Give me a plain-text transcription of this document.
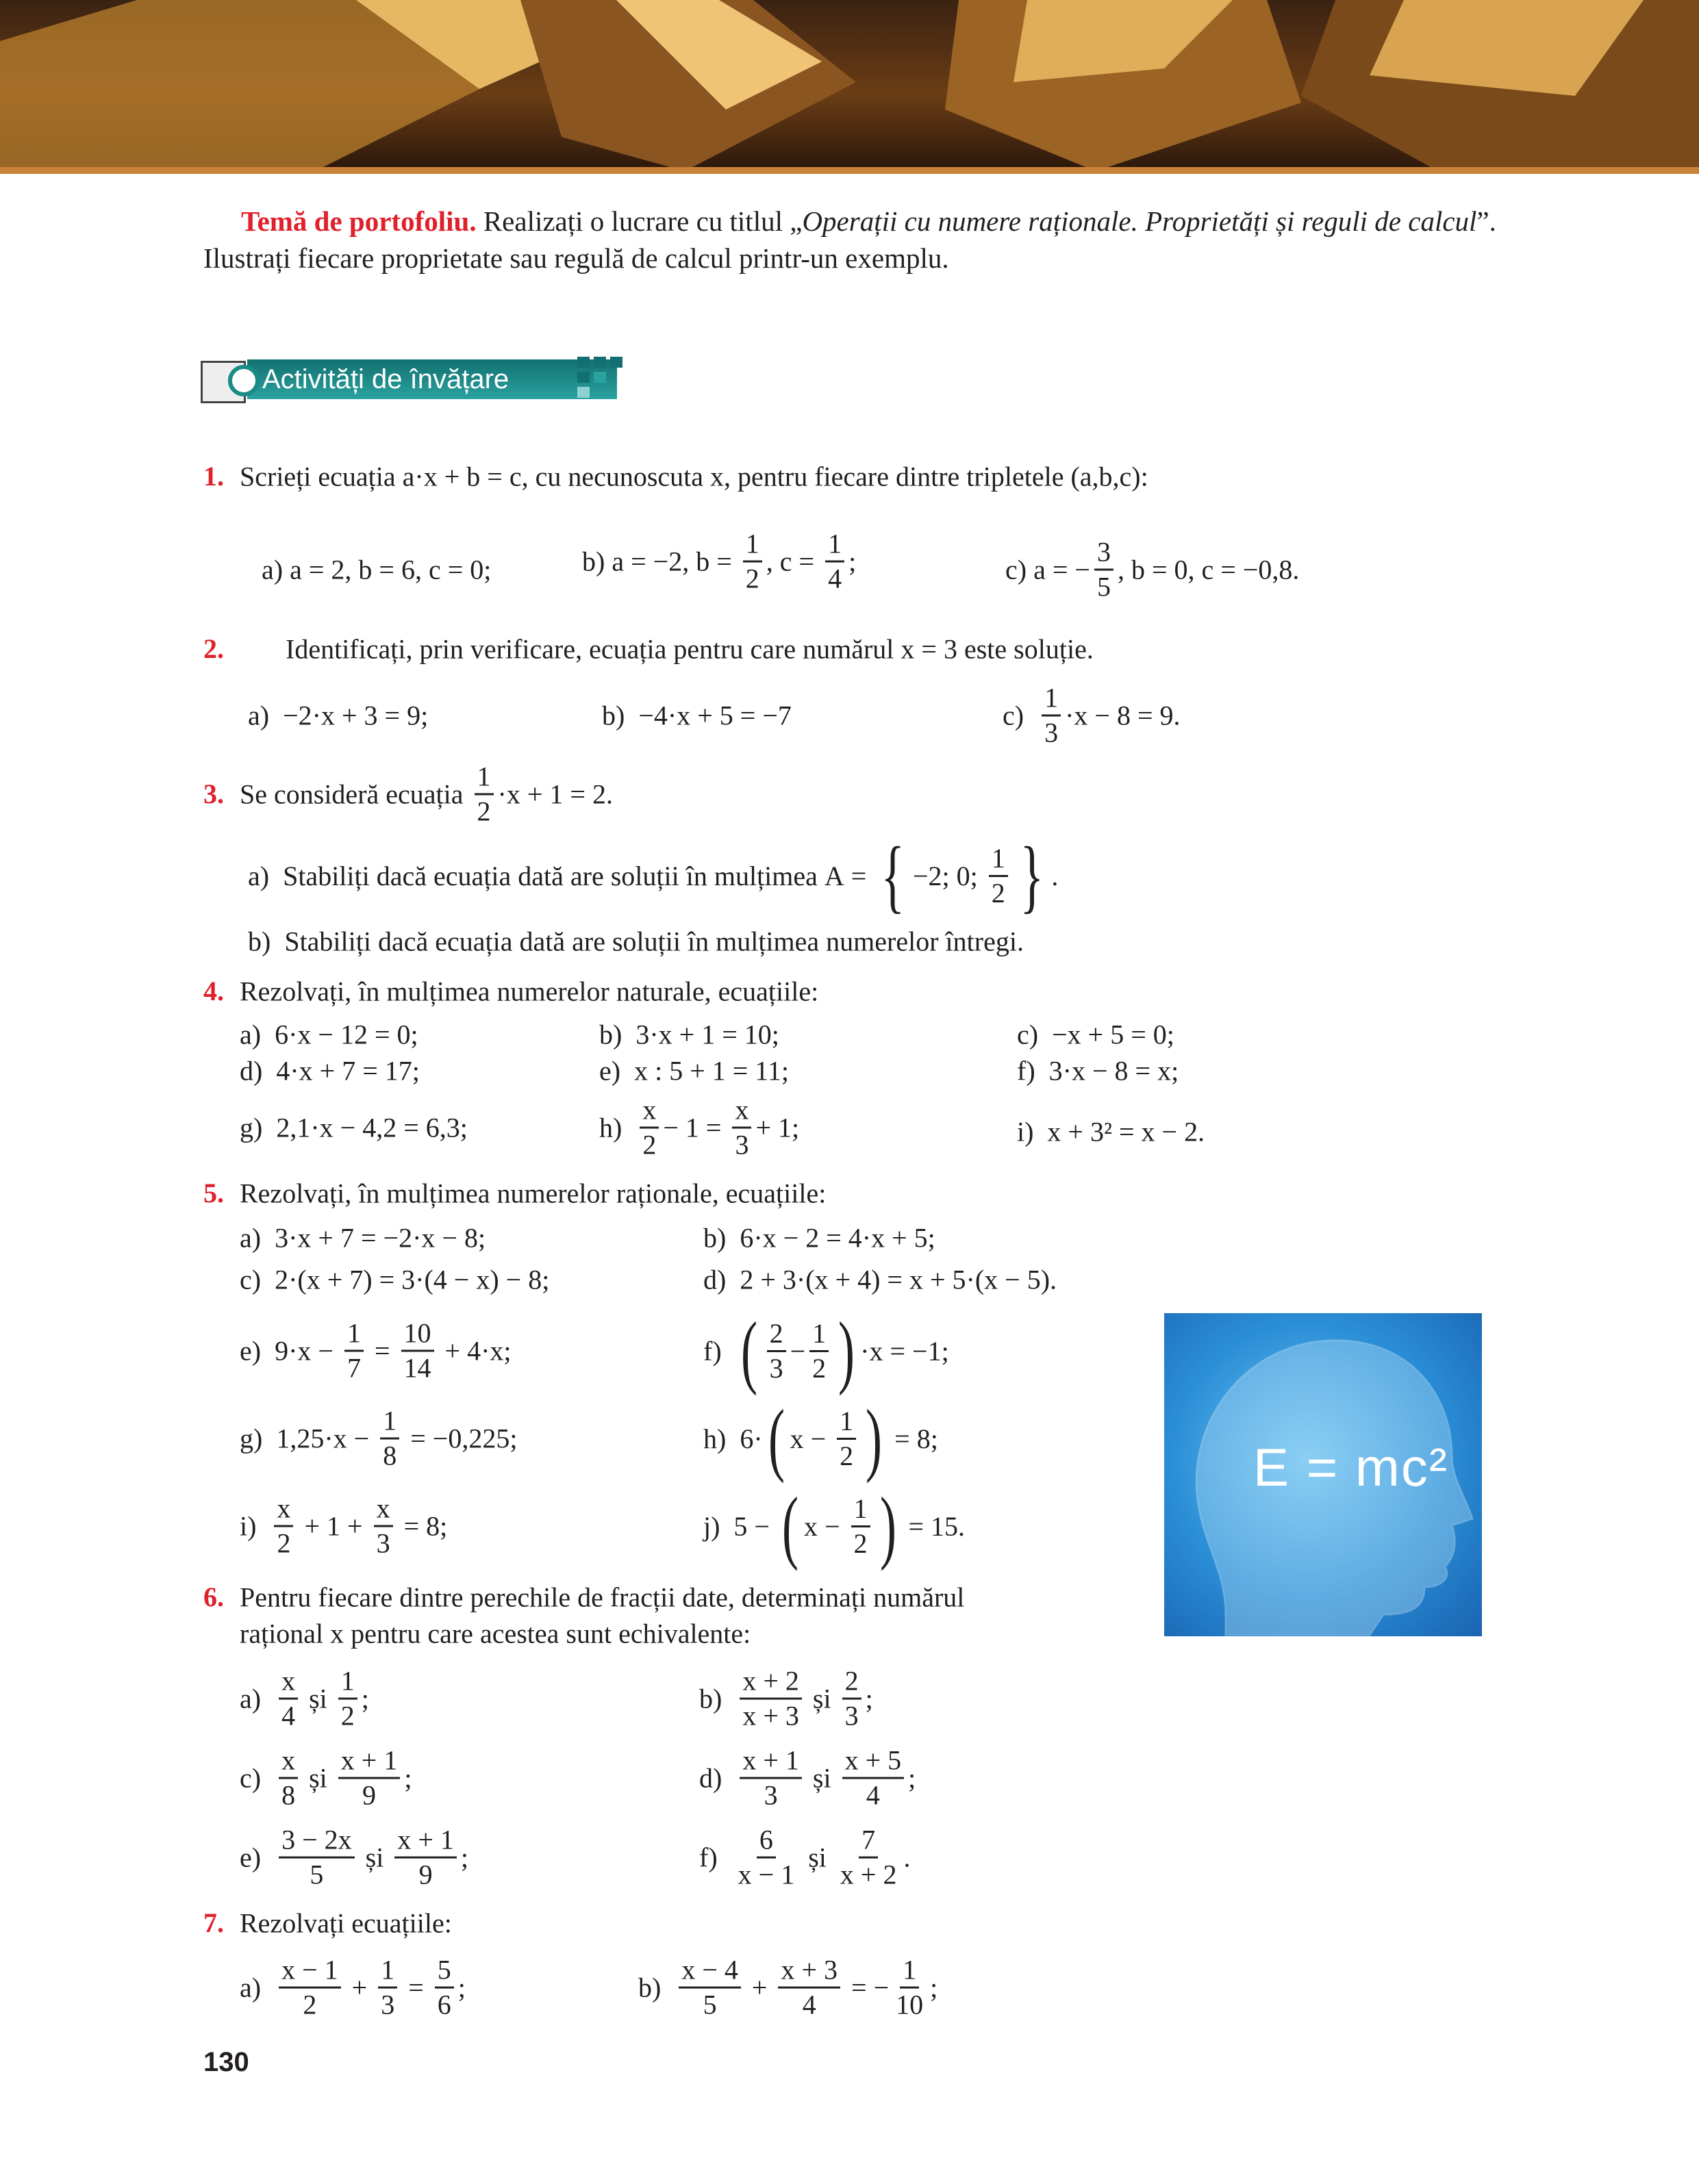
Temă de portofoliu. Realizați o lucrare cu titlul „Operații cu numere raționale. Proprietăți și reguli de calcul”. Ilustrați fiecare proprietate sau regulă de calcul printr-un exemplu.
Activități de învățare
1. Scrieți ecuația a·x + b = c, cu necunoscuta x, pentru fiecare dintre tripletele (a,b,c):
a) a = 2, b = 6, c = 0;	b) a = −2, $b = \frac{1}{2}$ , $c = \frac{1}{4}$ ;	c) a = − $\frac{3}{5}$ , b = 0, c = −0,8.
2. Identificați, prin verificare, ecuația pentru care numărul x = 3 este soluție.
a)  −2·x + 3 = 9;	b)  −4·x + 5 = −7	$c) \frac{1}{3} \cdot x - 8 = 9$.
3. Se consideră ecuația $\frac{1}{2} \cdot x + 1 = 2$.
a)  Stabiliți dacă ecuația dată are soluții în mulțimea A = { −2; 0; $\frac{1}{2}$ } .
b)  Stabiliți dacă ecuația dată are soluții în mulțimea numerelor întregi.
4. Rezolvați, în mulțimea numerelor naturale, ecuațiile:
a)  6·x − 12 = 0;	b)  3·x + 1 = 10;	c)  −x + 5 = 0;
d)  4·x + 7 = 17;	e)  x : 5 + 1 = 11;	f)  3·x − 8 = x;
g)  2,1·x − 4,2 = 6,3;	$h) \frac{x}{2} - 1 = \frac{x}{3} + 1$;	i)  x + 3² = x − 2.
5. Rezolvați, în mulțimea numerelor raționale, ecuațiile:
a)  3·x + 7 = −2·x − 8;	b)  6·x − 2 = 4·x + 5;
c)  2·(x + 7) = 3·(4 − x) − 8;	d)  2 + 3·(x + 4) = x + 5·(x − 5).
e)  $9\cdot x - \frac{1}{7} = \frac{10}{14} + 4\cdot x$;	f) ( $\frac{2}{3} - \frac{1}{2}$ ) ·x = −1;
g)  $1,25\cdot x - \frac{1}{8} = -0,225$;	h)  6· ( $x - \frac{1}{2}$ ) = 8;
$i) \frac{x}{2} + 1 + \frac{x}{3} = 8$;	j)  5 − ( $x - \frac{1}{2}$ ) = 15.
E = mc²
6. Pentru fiecare dintre perechile de fracții date, determinați numărul
rațional x pentru care acestea sunt echivalente:
$a) \frac{x}{4}$ și $\frac{1}{2}$ ;	$b) \frac{x + 2}{x + 3}$ și $\frac{2}{3}$ ;
$c) \frac{x}{8}$ și $\frac{x + 1}{9}$ ;	$d) \frac{x + 1}{3}$ și $\frac{x + 5}{4}$ ;
$e) \frac{3 - 2x}{5}$ și $\frac{x + 1}{9}$ ;	$f) \frac{6}{x - 1}$ și $\frac{7}{x + 2}$ .
7. Rezolvați ecuațiile:
$a) \frac{x - 1}{2} + \frac{1}{3} = \frac{5}{6}$ ;	$b) \frac{x - 4}{5} + \frac{x + 3}{4}$ = − $\frac{1}{10}$ ;
130
